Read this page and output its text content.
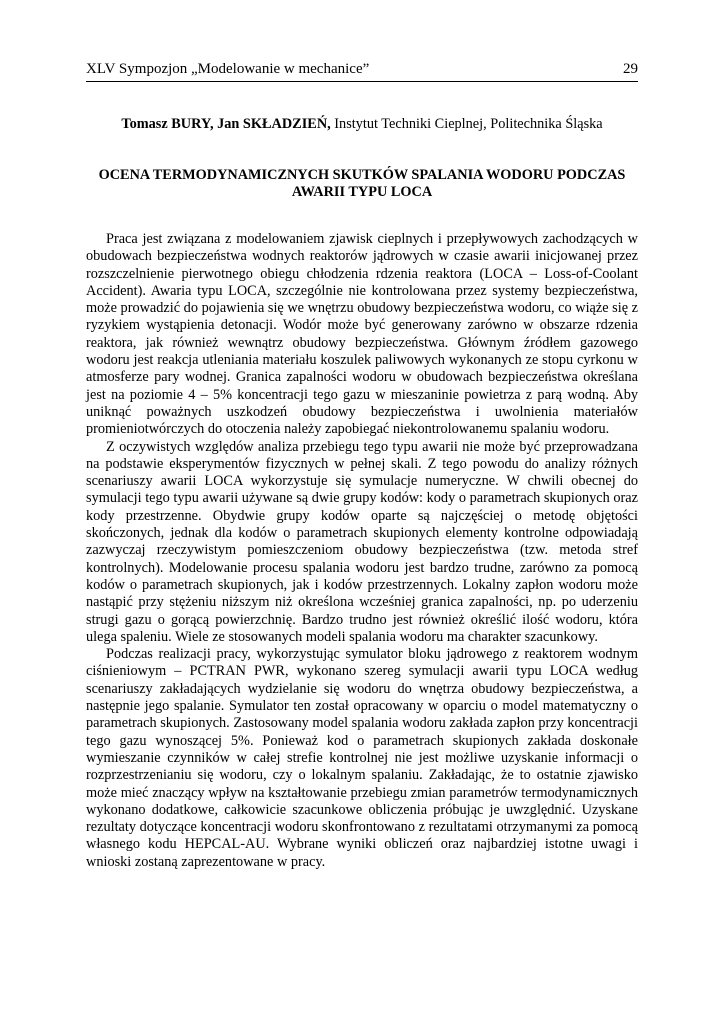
XLV Sympozjon „Modelowanie w mechanice”	29
Tomasz BURY, Jan SKŁADZIEŃ, Instytut Techniki Cieplnej, Politechnika Śląska
OCENA TERMODYNAMICZNYCH SKUTKÓW SPALANIA WODORU PODCZAS AWARII TYPU LOCA

Praca jest związana z modelowaniem zjawisk cieplnych i przepływowych zachodzących w obudowach bezpieczeństwa wodnych reaktorów jądrowych w czasie awarii inicjowanej przez rozszczelnienie pierwotnego obiegu chłodzenia rdzenia reaktora (LOCA – Loss-of-Coolant Accident). Awaria typu LOCA, szczególnie nie kontrolowana przez systemy bezpieczeństwa, może prowadzić do pojawienia się we wnętrzu obudowy bezpieczeństwa wodoru, co wiąże się z ryzykiem wystąpienia detonacji. Wodór może być generowany zarówno w obszarze rdzenia reaktora, jak również wewnątrz obudowy bezpieczeństwa. Głównym źródłem gazowego wodoru jest reakcja utleniania materiału koszulek paliwowych wykonanych ze stopu cyrkonu w atmosferze pary wodnej. Granica zapalności wodoru w obudowach bezpieczeństwa określana jest na poziomie 4 – 5% koncentracji tego gazu w mieszaninie powietrza z parą wodną. Aby uniknąć poważnych uszkodzeń obudowy bezpieczeństwa i uwolnienia materiałów promieniotwórczych do otoczenia należy zapobiegać niekontrolowanemu spalaniu wodoru.

Z oczywistych względów analiza przebiegu tego typu awarii nie może być przeprowadzana na podstawie eksperymentów fizycznych w pełnej skali. Z tego powodu do analizy różnych scenariuszy awarii LOCA wykorzystuje się symulacje numeryczne. W chwili obecnej do symulacji tego typu awarii używane są dwie grupy kodów: kody o parametrach skupionych oraz kody przestrzenne. Obydwie grupy kodów oparte są najczęściej o metodę objętości skończonych, jednak dla kodów o parametrach skupionych elementy kontrolne odpowiadają zazwyczaj rzeczywistym pomieszczeniom obudowy bezpieczeństwa (tzw. metoda stref kontrolnych). Modelowanie procesu spalania wodoru jest bardzo trudne, zarówno za pomocą kodów o parametrach skupionych, jak i kodów przestrzennych. Lokalny zapłon wodoru może nastąpić przy stężeniu niższym niż określona wcześniej granica zapalności, np. po uderzeniu strugi gazu o gorącą powierzchnię. Bardzo trudno jest również określić ilość wodoru, która ulega spaleniu. Wiele ze stosowanych modeli spalania wodoru ma charakter szacunkowy.

Podczas realizacji pracy, wykorzystując symulator bloku jądrowego z reaktorem wodnym ciśnieniowym – PCTRAN PWR, wykonano szereg symulacji awarii typu LOCA według scenariuszy zakładających wydzielanie się wodoru do wnętrza obudowy bezpieczeństwa, a następnie jego spalanie. Symulator ten został opracowany w oparciu o model matematyczny o parametrach skupionych. Zastosowany model spalania wodoru zakłada zapłon przy koncentracji tego gazu wynoszącej 5%. Ponieważ kod o parametrach skupionych zakłada doskonałe wymieszanie czynników w całej strefie kontrolnej nie jest możliwe uzyskanie informacji o rozprzestrzenianiu się wodoru, czy o lokalnym spalaniu. Zakładając, że to ostatnie zjawisko może mieć znaczący wpływ na kształtowanie przebiegu zmian parametrów termodynamicznych wykonano dodatkowe, całkowicie szacunkowe obliczenia próbując je uwzględnić. Uzyskane rezultaty dotyczące koncentracji wodoru skonfrontowano z rezultatami otrzymanymi za pomocą własnego kodu HEPCAL-AU. Wybrane wyniki obliczeń oraz najbardziej istotne uwagi i wnioski zostaną zaprezentowane w pracy.
